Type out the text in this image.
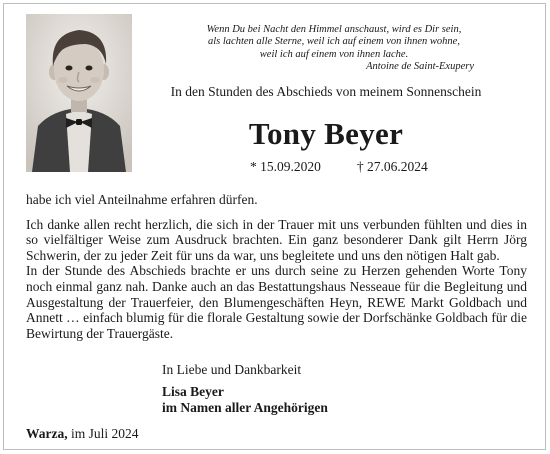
Wenn Du bei Nacht den Himmel anschaust, wird es Dir sein,
als lachten alle Sterne, weil ich auf einem von ihnen wohne,
weil ich auf einem von ihnen lache.
Antoine de Saint-Exupery
In den Stunden des Abschieds von meinem Sonnenschein
Tony Beyer
* 15.09.2020	† 27.06.2024

habe ich viel Anteilnahme erfahren dürfen.

Ich danke allen recht herzlich, die sich in der Trauer mit uns verbunden fühlten und dies in so vielfältiger Weise zum Ausdruck brachten. Ein ganz besonderer Dank gilt Herrn Jörg Schwerin, der zu jeder Zeit für uns da war, uns begleitete und uns den nötigen Halt gab.

In der Stunde des Abschieds brachte er uns durch seine zu Herzen gehenden Worte Tony noch einmal ganz nah. Danke auch an das Bestattungshaus Nesseaue für die Begleitung und Ausgestaltung der Trauerfeier, den Blumengeschäften Heyn, REWE Markt Goldbach und Annett … einfach blumig für die florale Gestaltung sowie der Dorfschänke Goldbach für die Bewirtung der Trauergäste.

In Liebe und Dankbarkeit
Lisa Beyer
im Namen aller Angehörigen
Warza, im Juli 2024
